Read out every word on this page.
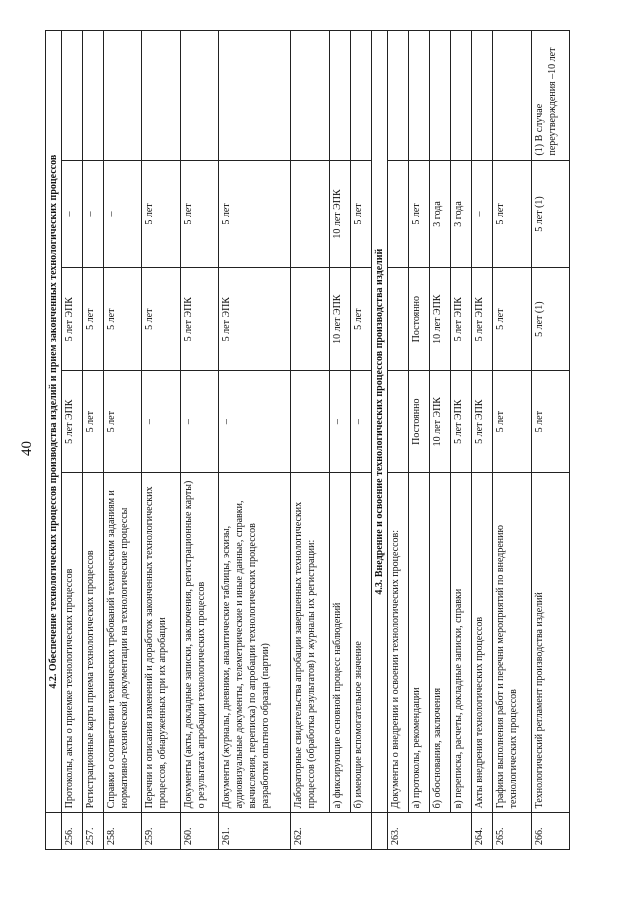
40
	4.2. Обеспечение технологических процессов производства изделий и прием законченных технологических процессов				
256.	Протоколы, акты о приемке технологических процессов	5 лет ЭПК	5 лет ЭПК	–	
257.	Регистрационные карты приема технологических процессов	5 лет	5 лет	–	
258.	Справки о соответствии технических требований техническим заданиям и нормативно-технической документации на технологические процессы	5 лет	5 лет	–	
259.	Перечни и описания изменений и доработок законченных технологических процессов, обнаруженных при их апробации	–	5 лет	5 лет	
260.	Документы (акты, докладные записки, заключения, регистрационные карты) о результатах апробации технологических процессов	–	5 лет ЭПК	5 лет	
261.	Документы (журналы, дневники, аналитические таблицы, эскизы, аудиовизуальные документы, телеметрические и иные данные, справки, вычисления, переписка) по апробации технологических процессов разработки опытного образца (партии)	–	5 лет ЭПК	5 лет	
262.	Лабораторные свидетельства апробации завершенных технологических процессов (обработка результатов) и журналы их регистрации:				
	а) фиксирующие основной процесс наблюдений	–	10 лет ЭПК	10 лет ЭПК	
	б) имеющие вспомогательное значение	–	5 лет	5 лет	
	4.3. Внедрение и освоение технологических процессов производства изделий				
263.	Документы о внедрении и освоении технологических процессов:				
	а) протоколы, рекомендации	Постоянно	Постоянно	5 лет	
	б) обоснования, заключения	10 лет ЭПК	10 лет ЭПК	3 года	
	в) переписка, расчеты, докладные записки, справки	5 лет ЭПК	5 лет ЭПК	3 года	
264.	Акты внедрения технологических процессов	5 лет ЭПК	5 лет ЭПК	–	
265.	Графики выполнения работ и перечни мероприятий по внедрению технологических процессов	5 лет	5 лет	5 лет	
266.	Технологический регламент производства изделий	5 лет	5 лет (1)	5 лет (1)	(1) В случае переутверждения –10 лет
